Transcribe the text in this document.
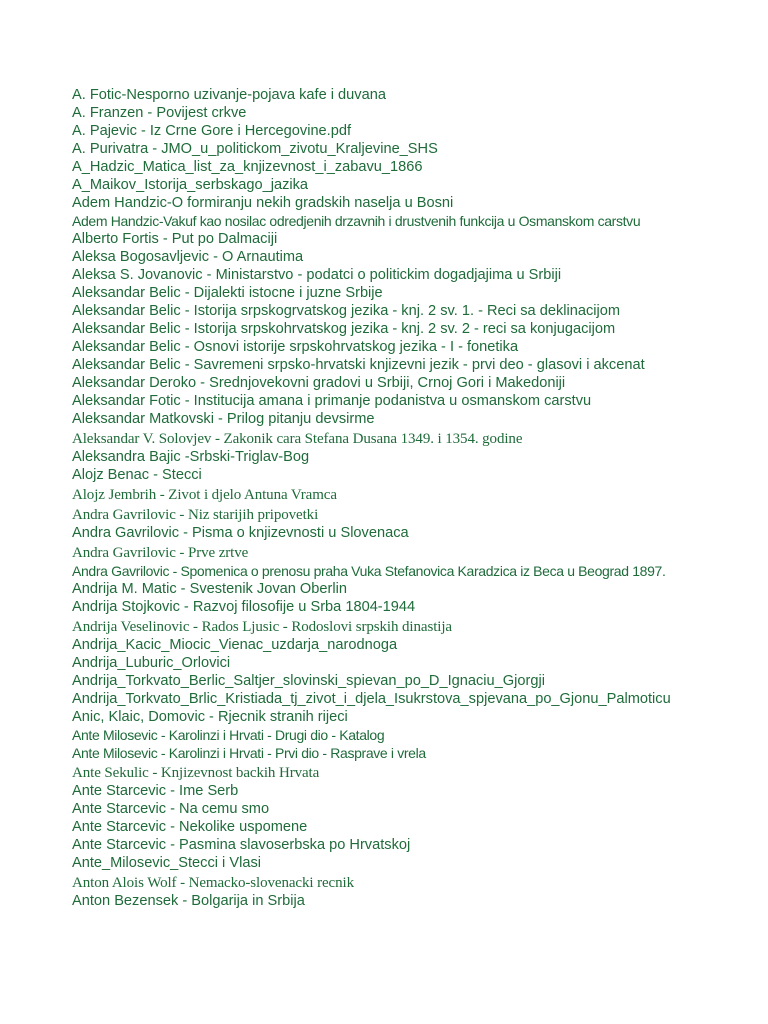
A. Fotic-Nesporno uzivanje-pojava kafe i duvana
A. Franzen - Povijest crkve
A. Pajevic - Iz Crne Gore i Hercegovine.pdf
A. Purivatra - JMO_u_politickom_zivotu_Kraljevine_SHS
A_Hadzic_Matica_list_za_knjizevnost_i_zabavu_1866
A_Maikov_Istorija_serbskago_jazika
Adem Handzic-O formiranju nekih gradskih naselja u Bosni
Adem Handzic-Vakuf kao nosilac odredjenih drzavnih i drustvenih funkcija u Osmanskom carstvu
Alberto Fortis - Put po Dalmaciji
Aleksa Bogosavljevic - O Arnautima
Aleksa S. Jovanovic - Ministarstvo - podatci o politickim dogadjajima u Srbiji
Aleksandar Belic - Dijalekti istocne i juzne Srbije
Aleksandar Belic - Istorija srpskogrvatskog jezika - knj. 2 sv. 1. - Reci sa deklinacijom
Aleksandar Belic - Istorija srpskohrvatskog jezika - knj. 2 sv. 2 - reci sa konjugacijom
Aleksandar Belic - Osnovi istorije srpskohrvatskog jezika - I - fonetika
Aleksandar Belic - Savremeni srpsko-hrvatski knjizevni jezik - prvi deo - glasovi i akcenat
Aleksandar Deroko - Srednjovekovni gradovi u Srbiji, Crnoj Gori i Makedoniji
Aleksandar Fotic - Institucija amana i primanje podanistva u osmanskom carstvu
Aleksandar Matkovski - Prilog pitanju devsirme
Aleksandar V. Solovjev - Zakonik cara Stefana Dusana 1349. i 1354. godine
Aleksandra Bajic -Srbski-Triglav-Bog
Alojz Benac - Stecci
Alojz Jembrih - Zivot i djelo Antuna Vramca
Andra Gavrilovic - Niz starijih pripovetki
Andra Gavrilovic - Pisma o knjizevnosti u Slovenaca
Andra Gavrilovic - Prve zrtve
Andra Gavrilovic - Spomenica o prenosu praha Vuka Stefanovica Karadzica iz Beca u Beograd 1897.
Andrija M. Matic - Svestenik Jovan Oberlin
Andrija Stojkovic - Razvoj filosofije u Srba 1804-1944
Andrija Veselinovic - Rados Ljusic - Rodoslovi srpskih dinastija
Andrija_Kacic_Miocic_Vienac_uzdarja_narodnoga
Andrija_Luburic_Orlovici
Andrija_Torkvato_Berlic_Saltjer_slovinski_spievan_po_D_Ignaciu_Gjorgji
Andrija_Torkvato_Brlic_Kristiada_tj_zivot_i_djela_Isukrstova_spjevana_po_Gjonu_Palmoticu
Anic, Klaic, Domovic - Rjecnik stranih rijeci
Ante Milosevic - Karolinzi i Hrvati - Drugi dio - Katalog
Ante Milosevic - Karolinzi i Hrvati - Prvi dio - Rasprave i vrela
Ante Sekulic - Knjizevnost backih Hrvata
Ante Starcevic - Ime Serb
Ante Starcevic - Na cemu smo
Ante Starcevic - Nekolike uspomene
Ante Starcevic - Pasmina slavoserbska po Hrvatskoj
Ante_Milosevic_Stecci i Vlasi
Anton Alois Wolf - Nemacko-slovenacki recnik
Anton Bezensek - Bolgarija in Srbija
